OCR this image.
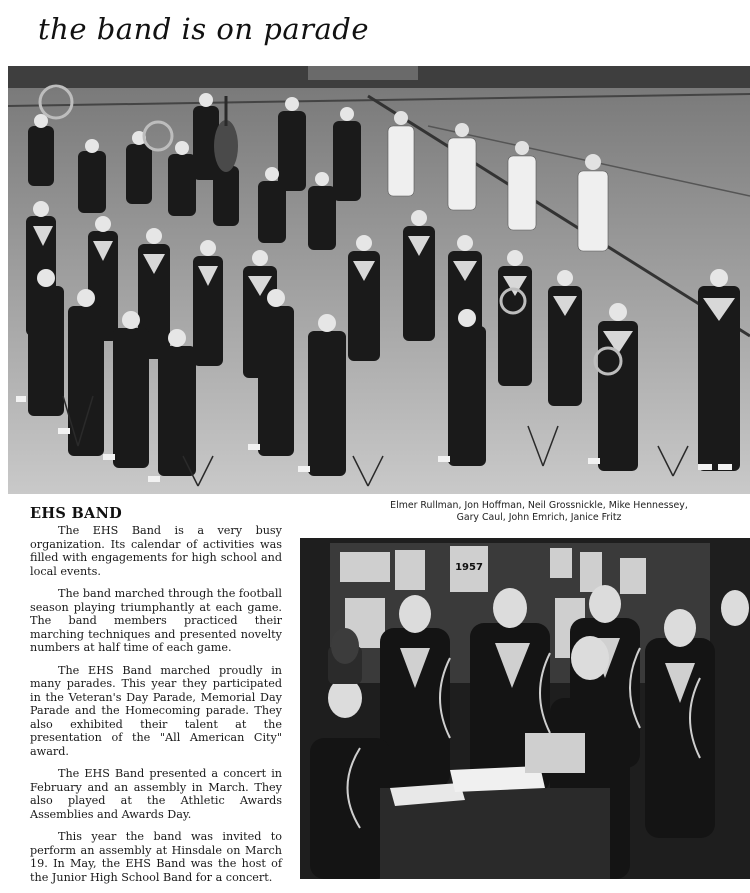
the band is on parade
EHS BAND	Elmer Rullman, Jon Hoffman, Neil Grossnickle, Mike Hennessey,
Gary Caul, John Emrich, Janice Fritz

The EHS Band is a very busy organization. Its calendar of activities was filled with engagements for high school and local events.

The band marched through the football season playing triumphantly at each game. The band members practiced their marching techniques and presented novelty numbers at half time of each game.

The EHS Band marched proudly in many parades. This year they participated in the Veteran's Day Parade, Memorial Day Parade and the Homecoming parade. They also exhibited their talent at the presentation of the "All American City" award.

The EHS Band presented a concert in February and an assembly in March. They also played at the Athletic Awards Assemblies and Awards Day.

This year the band was invited to perform an assembly at Hinsdale on March 19. In May, the EHS Band was the host of the Junior High School Band for a concert.

1957
